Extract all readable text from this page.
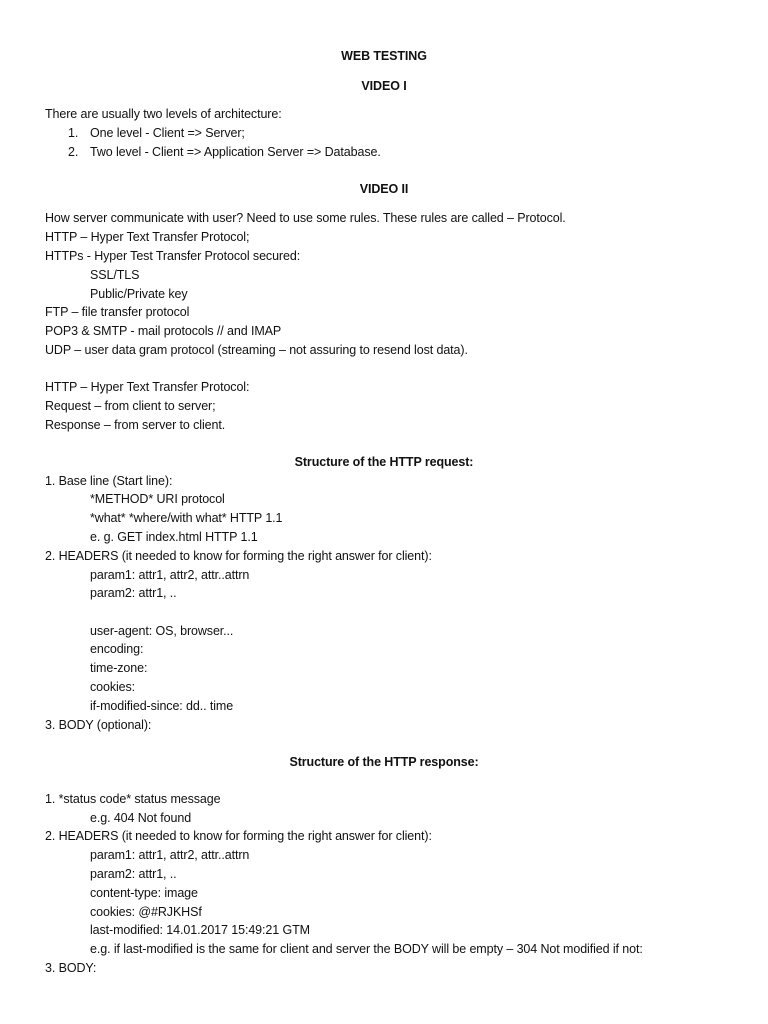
WEB TESTING
VIDEO I
There are usually two levels of architecture:
1. One level - Client => Server;
2. Two level - Client => Application Server => Database.
VIDEO II
How server communicate with user? Need to use some rules. These rules are called – Protocol.
HTTP – Hyper Text Transfer Protocol;
HTTPs - Hyper Test Transfer Protocol secured:
SSL/TLS
Public/Private key
FTP – file transfer protocol
POP3 & SMTP - mail protocols // and IMAP
UDP – user data gram protocol (streaming – not assuring to resend lost data).
HTTP – Hyper Text Transfer Protocol:
Request – from client to server;
Response – from server to client.
Structure of the HTTP request:
1. Base line (Start line):
*METHOD* URI protocol
*what* *where/with what* HTTP 1.1
e. g. GET index.html HTTP 1.1
2. HEADERS (it needed to know for forming the right answer for client):
param1: attr1, attr2, attr..attrn
param2: attr1, ..
user-agent: OS, browser...
encoding:
time-zone:
cookies:
if-modified-since: dd.. time
3. BODY (optional):
Structure of the HTTP response:
1. *status code* status message
e.g. 404 Not found
2. HEADERS (it needed to know for forming the right answer for client):
param1: attr1, attr2, attr..attrn
param2: attr1, ..
content-type: image
cookies: @#RJKHSf
last-modified: 14.01.2017 15:49:21 GTM
e.g. if last-modified is the same for client and server the BODY will be empty – 304 Not modified if not:
3. BODY:
